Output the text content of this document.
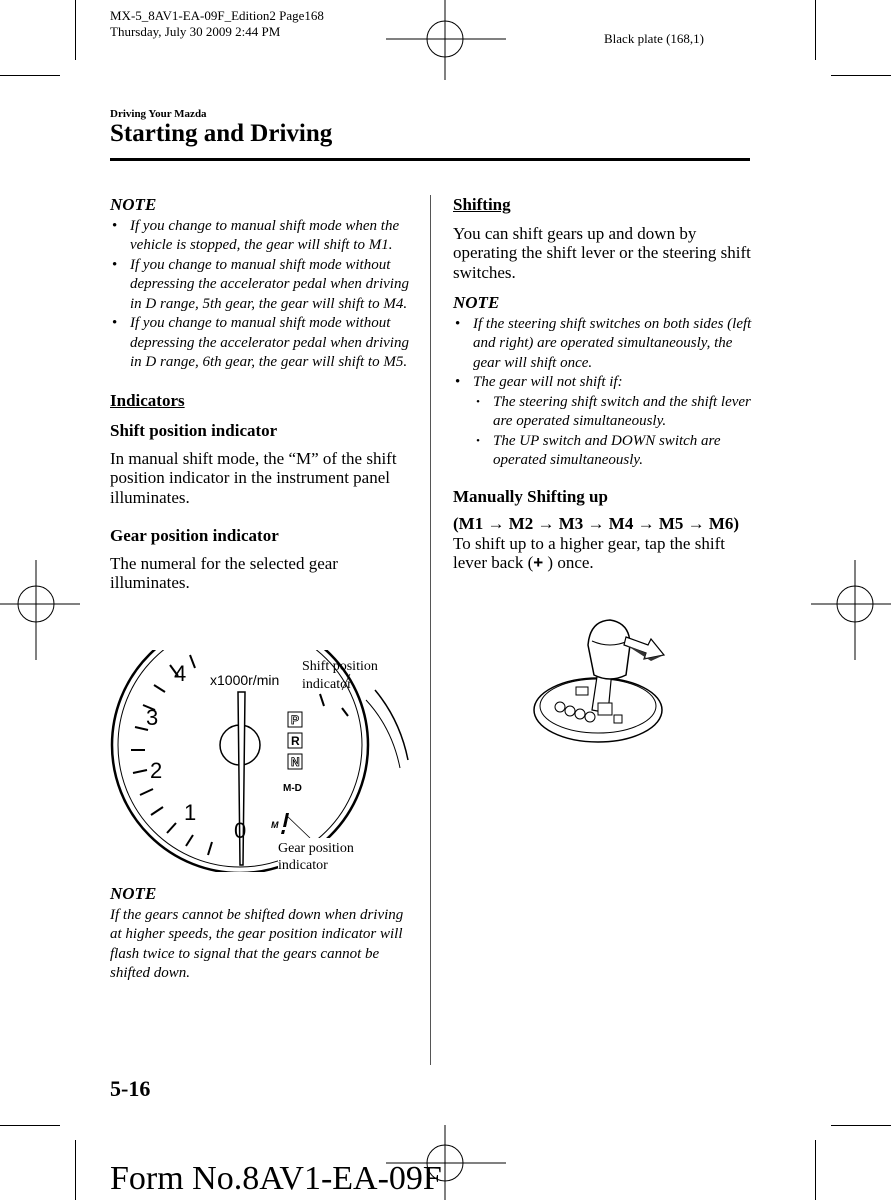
MX-5_8AV1-EA-09F_Edition2 Page168
Thursday, July 30 2009 2:44 PM	Black plate (168,1)
Driving Your Mazda
Starting and Driving
NOTE
• If you change to manual shift mode when the vehicle is stopped, the gear will shift to M1.
• If you change to manual shift mode without depressing the accelerator pedal when driving in D range, 5th gear, the gear will shift to M4.
• If you change to manual shift mode without depressing the accelerator pedal when driving in D range, 6th gear, the gear will shift to M5.

Indicators

Shift position indicator

In manual shift mode, the “M” of the shift position indicator in the instrument panel illuminates.

Gear position indicator

The numeral for the selected gear illuminates.

4
3
2
1
0
x1000r/min
P
R
N
M-D
M
Shift position
indicator
Gear position
indicator
NOTE

If the gears cannot be shifted down when driving at higher speeds, the gear position indicator will flash twice to signal that the gears cannot be shifted down.

Shifting

You can shift gears up and down by operating the shift lever or the steering shift switches.

NOTE
• If the steering shift switches on both sides (left and right) are operated simultaneously, the gear will shift once.
• The gear will not shift if:
• The steering shift switch and the shift lever are operated simultaneously.
• The UP switch and DOWN switch are operated simultaneously.

Manually Shifting up

(M1 → M2 → M3 → M4 → M5 → M6)

To shift up to a higher gear, tap the shift lever back (+ ) once.

5-16
Form No.8AV1-EA-09F
